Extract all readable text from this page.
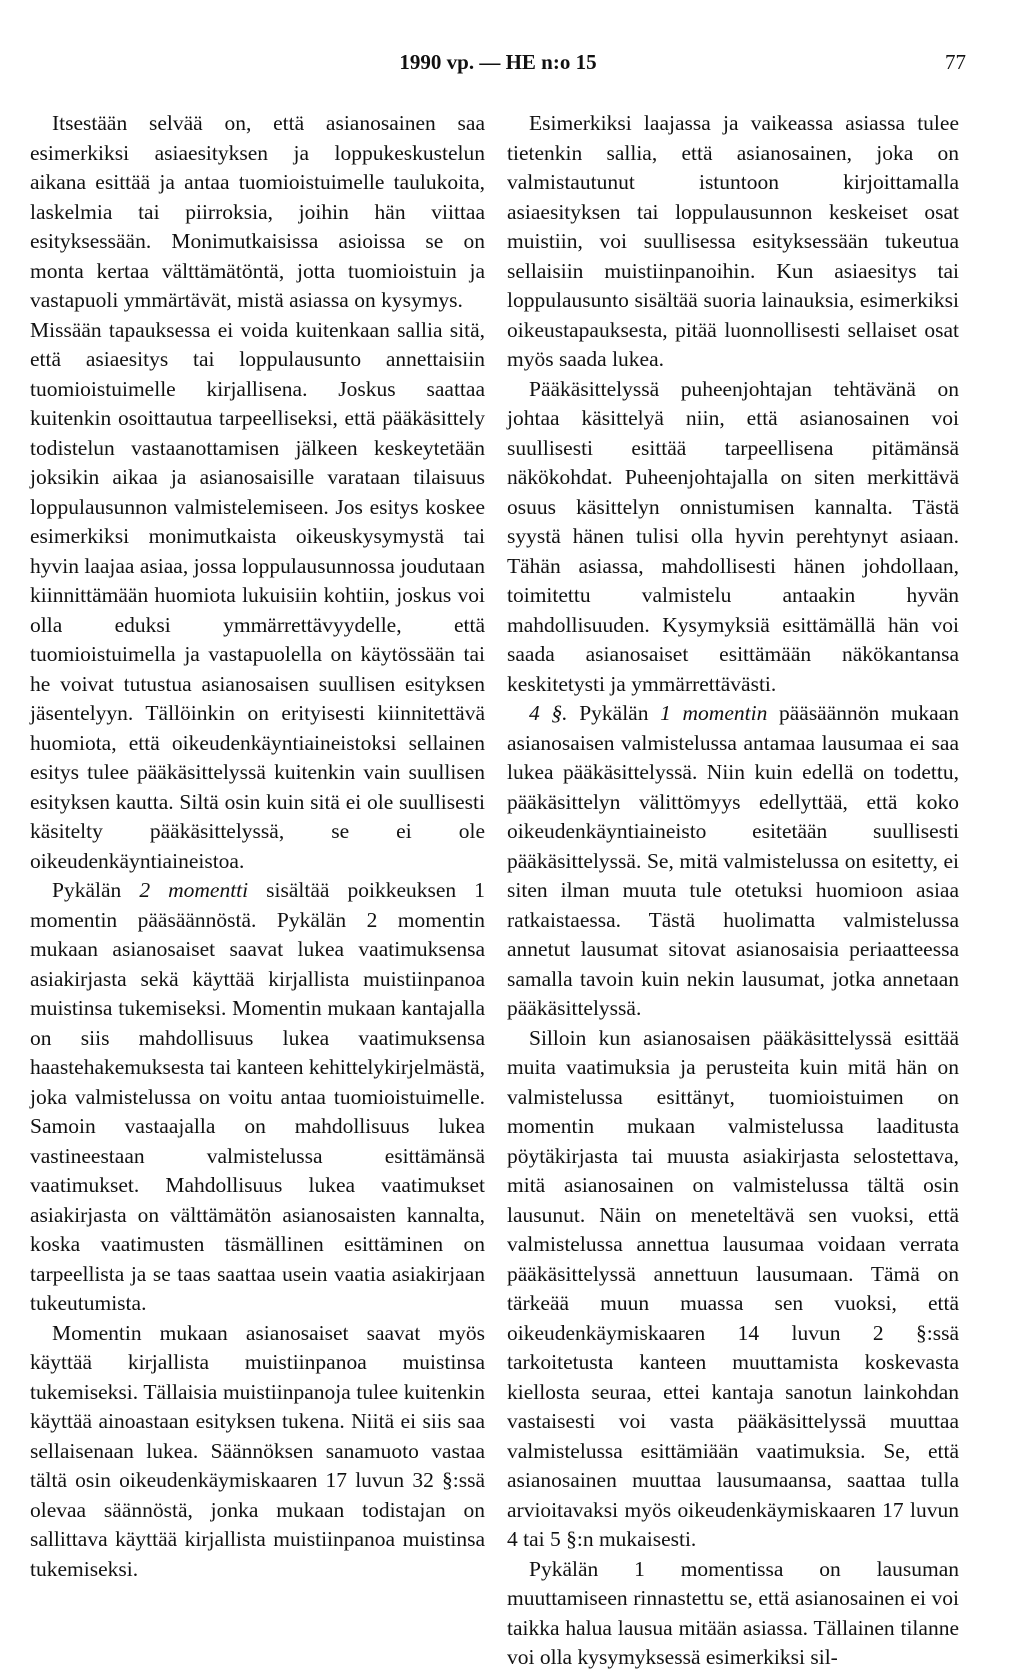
1990 vp. — HE n:o 15	77

Itsestään selvää on, että asianosainen saa esimerkiksi asiaesityksen ja loppukeskustelun aikana esittää ja antaa tuomioistuimelle taulukoita, laskelmia tai piirroksia, joihin hän viittaa esityksessään. Monimutkaisissa asioissa se on monta kertaa välttämätöntä, jotta tuomioistuin ja vastapuoli ymmärtävät, mistä asiassa on kysymys.

Missään tapauksessa ei voida kuitenkaan sallia sitä, että asiaesitys tai loppulausunto annettaisiin tuomioistuimelle kirjallisena. Joskus saattaa kuitenkin osoittautua tarpeelliseksi, että pääkäsittely todistelun vastaanottamisen jälkeen keskeytetään joksikin aikaa ja asianosaisille varataan tilaisuus loppulausunnon valmistelemiseen. Jos esitys koskee esimerkiksi monimutkaista oikeuskysymystä tai hyvin laajaa asiaa, jossa loppulausunnossa joudutaan kiinnittämään huomiota lukuisiin kohtiin, joskus voi olla eduksi ymmärrettävyydelle, että tuomioistuimella ja vastapuolella on käytössään tai he voivat tutustua asianosaisen suullisen esityksen jäsentelyyn. Tällöinkin on erityisesti kiinnitettävä huomiota, että oikeudenkäyntiaineistoksi sellainen esitys tulee pääkäsittelyssä kuitenkin vain suullisen esityksen kautta. Siltä osin kuin sitä ei ole suullisesti käsitelty pääkäsittelyssä, se ei ole oikeudenkäyntiaineistoa.

Pykälän 2 momentti sisältää poikkeuksen 1 momentin pääsäännöstä. Pykälän 2 momentin mukaan asianosaiset saavat lukea vaatimuksensa asiakirjasta sekä käyttää kirjallista muistiinpanoa muistinsa tukemiseksi. Momentin mukaan kantajalla on siis mahdollisuus lukea vaatimuksensa haastehakemuksesta tai kanteen kehittelykirjelmästä, joka valmistelussa on voitu antaa tuomioistuimelle. Samoin vastaajalla on mahdollisuus lukea vastineestaan valmistelussa esittämänsä vaatimukset. Mahdollisuus lukea vaatimukset asiakirjasta on välttämätön asianosaisten kannalta, koska vaatimusten täsmällinen esittäminen on tarpeellista ja se taas saattaa usein vaatia asiakirjaan tukeutumista.

Momentin mukaan asianosaiset saavat myös käyttää kirjallista muistiinpanoa muistinsa tukemiseksi. Tällaisia muistiinpanoja tulee kuitenkin käyttää ainoastaan esityksen tukena. Niitä ei siis saa sellaisenaan lukea. Säännöksen sanamuoto vastaa tältä osin oikeudenkäymiskaaren 17 luvun 32 §:ssä olevaa säännöstä, jonka mukaan todistajan on sallittava käyttää kirjallista muistiinpanoa muistinsa tukemiseksi.

Esimerkiksi laajassa ja vaikeassa asiassa tulee tietenkin sallia, että asianosainen, joka on valmistautunut istuntoon kirjoittamalla asiaesityksen tai loppulausunnon keskeiset osat muistiin, voi suullisessa esityksessään tukeutua sellaisiin muistiinpanoihin. Kun asiaesitys tai loppulausunto sisältää suoria lainauksia, esimerkiksi oikeustapauksesta, pitää luonnollisesti sellaiset osat myös saada lukea.

Pääkäsittelyssä puheenjohtajan tehtävänä on johtaa käsittelyä niin, että asianosainen voi suullisesti esittää tarpeellisena pitämänsä näkökohdat. Puheenjohtajalla on siten merkittävä osuus käsittelyn onnistumisen kannalta. Tästä syystä hänen tulisi olla hyvin perehtynyt asiaan. Tähän asiassa, mahdollisesti hänen johdollaan, toimitettu valmistelu antaakin hyvän mahdollisuuden. Kysymyksiä esittämällä hän voi saada asianosaiset esittämään näkökantansa keskitetysti ja ymmärrettävästi.

4 §. Pykälän 1 momentin pääsäännön mukaan asianosaisen valmistelussa antamaa lausumaa ei saa lukea pääkäsittelyssä. Niin kuin edellä on todettu, pääkäsittelyn välittömyys edellyttää, että koko oikeudenkäyntiaineisto esitetään suullisesti pääkäsittelyssä. Se, mitä valmistelussa on esitetty, ei siten ilman muuta tule otetuksi huomioon asiaa ratkaistaessa. Tästä huolimatta valmistelussa annetut lausumat sitovat asianosaisia periaatteessa samalla tavoin kuin nekin lausumat, jotka annetaan pääkäsittelyssä.

Silloin kun asianosaisen pääkäsittelyssä esittää muita vaatimuksia ja perusteita kuin mitä hän on valmistelussa esittänyt, tuomioistuimen on momentin mukaan valmistelussa laaditusta pöytäkirjasta tai muusta asiakirjasta selostettava, mitä asianosainen on valmistelussa tältä osin lausunut. Näin on meneteltävä sen vuoksi, että valmistelussa annettua lausumaa voidaan verrata pääkäsittelyssä annettuun lausumaan. Tämä on tärkeää muun muassa sen vuoksi, että oikeudenkäymiskaaren 14 luvun 2 §:ssä tarkoitetusta kanteen muuttamista koskevasta kiellosta seuraa, ettei kantaja sanotun lainkohdan vastaisesti voi vasta pääkäsittelyssä muuttaa valmistelussa esittämiään vaatimuksia. Se, että asianosainen muuttaa lausumaansa, saattaa tulla arvioitavaksi myös oikeudenkäymiskaaren 17 luvun 4 tai 5 §:n mukaisesti.

Pykälän 1 momentissa on lausuman muuttamiseen rinnastettu se, että asianosainen ei voi taikka halua lausua mitään asiassa. Tällainen tilanne voi olla kysymyksessä esimerkiksi sil-
